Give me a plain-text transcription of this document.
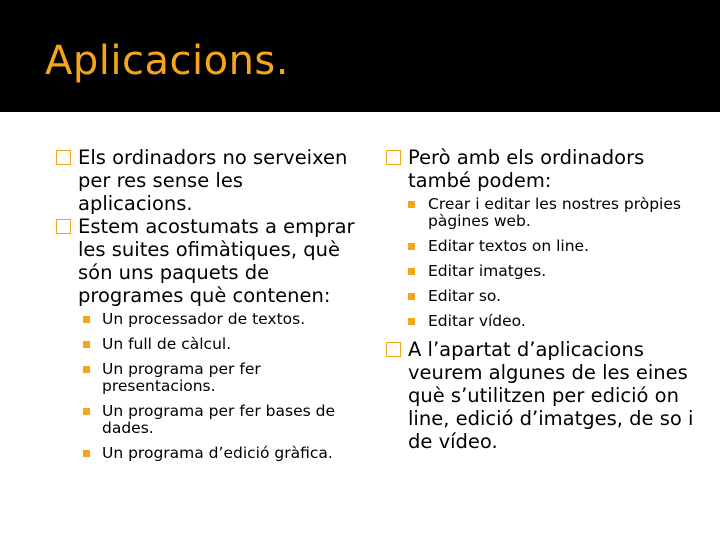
Aplicacions.
Els ordinadors no serveixen per res sense les aplicacions.
Estem acostumats a emprar les suites ofimàtiques, què són uns paquets de programes què contenen:
Un processador de textos.
Un full de càlcul.
Un programa per fer presentacions.
Un programa per fer bases de dades.
Un programa d’edició gràfica.
Però amb els ordinadors també podem:
Crear i editar les nostres pròpies pàgines web.
Editar textos on line.
Editar imatges.
Editar so.
Editar vídeo.
A l’apartat d’aplicacions veurem algunes de les eines què s’utilitzen per edició on line, edició d’imatges, de so i de vídeo.
